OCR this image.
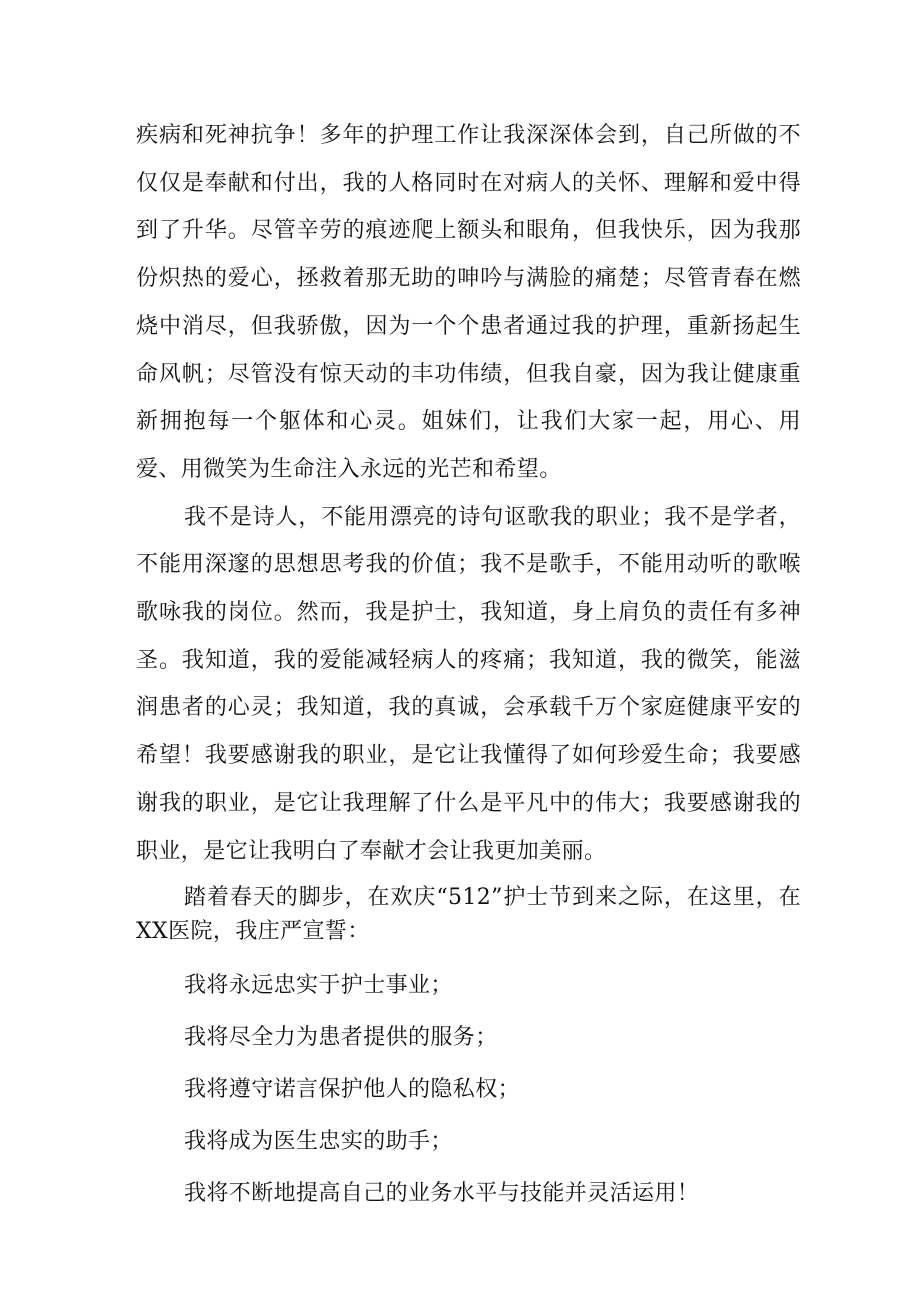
疾病和死神抗争！多年的护理工作让我深深体会到，自己所做的不仅仅是奉献和付出，我的人格同时在对病人的关怀、理解和爱中得到了升华。尽管辛劳的痕迹爬上额头和眼角，但我快乐，因为我那份炽热的爱心，拯救着那无助的呻吟与满脸的痛楚；尽管青春在燃烧中消尽，但我骄傲，因为一个个患者通过我的护理，重新扬起生命风帆；尽管没有惊天动的丰功伟绩，但我自豪，因为我让健康重新拥抱每一个躯体和心灵。姐妹们，让我们大家一起，用心、用爱、用微笑为生命注入永远的光芒和希望。

我不是诗人，不能用漂亮的诗句讴歌我的职业；我不是学者，不能用深邃的思想思考我的价值；我不是歌手，不能用动听的歌喉歌咏我的岗位。然而，我是护士，我知道，身上肩负的责任有多神圣。我知道，我的爱能减轻病人的疼痛；我知道，我的微笑，能滋润患者的心灵；我知道，我的真诚，会承载千万个家庭健康平安的希望！我要感谢我的职业，是它让我懂得了如何珍爱生命；我要感谢我的职业，是它让我理解了什么是平凡中的伟大；我要感谢我的职业，是它让我明白了奉献才会让我更加美丽。

踏着春天的脚步，在欢庆“512”护士节到来之际，在这里，在XX医院，我庄严宣誓：

我将永远忠实于护士事业；

我将尽全力为患者提供的服务；

我将遵守诺言保护他人的隐私权；

我将成为医生忠实的助手；

我将不断地提高自己的业务水平与技能并灵活运用！
